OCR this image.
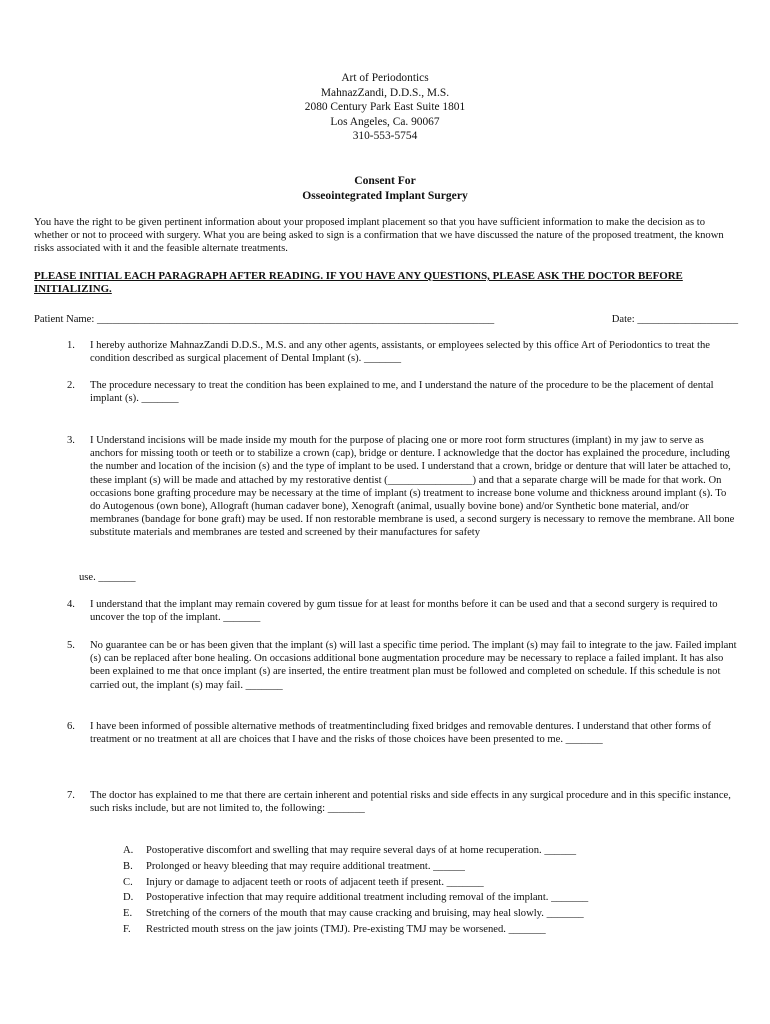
Art of Periodontics
MahnazZandi, D.D.S., M.S.
2080 Century Park East Suite 1801
Los Angeles, Ca. 90067
310-553-5754
Consent For
Osseointegrated Implant Surgery
You have the right to be given pertinent information about your proposed implant placement so that you have sufficient information to make the decision as to whether or not to proceed with surgery. What you are being asked to sign is a confirmation that we have discussed the nature of the proposed treatment, the known risks associated with it and the feasible alternate treatments.
PLEASE INITIAL EACH PARAGRAPH AFTER READING. IF YOU HAVE ANY QUESTIONS, PLEASE ASK THE DOCTOR BEFORE INITIALIZING.
Patient Name: ___________________________________________________________________________	Date: ___________________
1.	I hereby authorize MahnazZandi D.D.S., M.S. and any other agents, assistants, or employees selected by this office Art of Periodontics to treat the condition described as surgical placement of Dental Implant (s). _______
2.	The procedure necessary to treat the condition has been explained to me, and I understand the nature of the procedure to be the placement of dental implant (s). _______
3.	I Understand incisions will be made inside my mouth for the purpose of placing one or more root form structures (implant) in my jaw to serve as anchors for missing tooth or teeth or to stabilize a crown (cap), bridge or denture. I acknowledge that the doctor has explained the procedure, including the number and location of the incision (s) and the type of implant to be used. I understand that a crown, bridge or denture that will later be attached to, these implant (s) will be made and attached by my restorative dentist (________________) and that a separate charge will be made for that work. On occasions bone grafting procedure may be necessary at the time of implant (s) treatment to increase bone volume and thickness around implant (s). To do Autogenous (own bone), Allograft (human cadaver bone), Xenograft (animal, usually bovine bone) and/or Synthetic bone material, and/or membranes (bandage for bone graft) may be used. If non restorable membrane is used, a second surgery is necessary to remove the membrane. All bone substitute materials and membranes are tested and screened by their manufactures for safety
use. _______
4.	I understand that the implant may remain covered by gum tissue for at least for months before it can be used and that a second surgery is required to uncover the top of the implant. _______
5.	No guarantee can be or has been given that the implant (s) will last a specific time period. The implant (s) may fail to integrate to the jaw. Failed implant (s) can be replaced after bone healing. On occasions additional bone augmentation procedure may be necessary to replace a failed implant. It has also been explained to me that once implant (s) are inserted, the entire treatment plan must be followed and completed on schedule. If this schedule is not carried out, the implant (s) may fail. _______
6.	I have been informed of possible alternative methods of treatmentincluding fixed bridges and removable dentures. I understand that other forms of treatment or no treatment at all are choices that I have and the risks of those choices have been presented to me. _______
7.	The doctor has explained to me that there are certain inherent and potential risks and side effects in any surgical procedure and in this specific instance, such risks include, but are not limited to, the following: _______
A.	Postoperative discomfort and swelling that may require several days of at home recuperation. ______
B.	Prolonged or heavy bleeding that may require additional treatment. ______
C.	Injury or damage to adjacent teeth or roots of adjacent teeth if present. _______
D.	Postoperative infection that may require additional treatment including removal of the implant. _______
E.	Stretching of the corners of the mouth that may cause cracking and bruising, may heal slowly. _______
F.	Restricted mouth stress on the jaw joints (TMJ). Pre-existing TMJ may be worsened. _______
